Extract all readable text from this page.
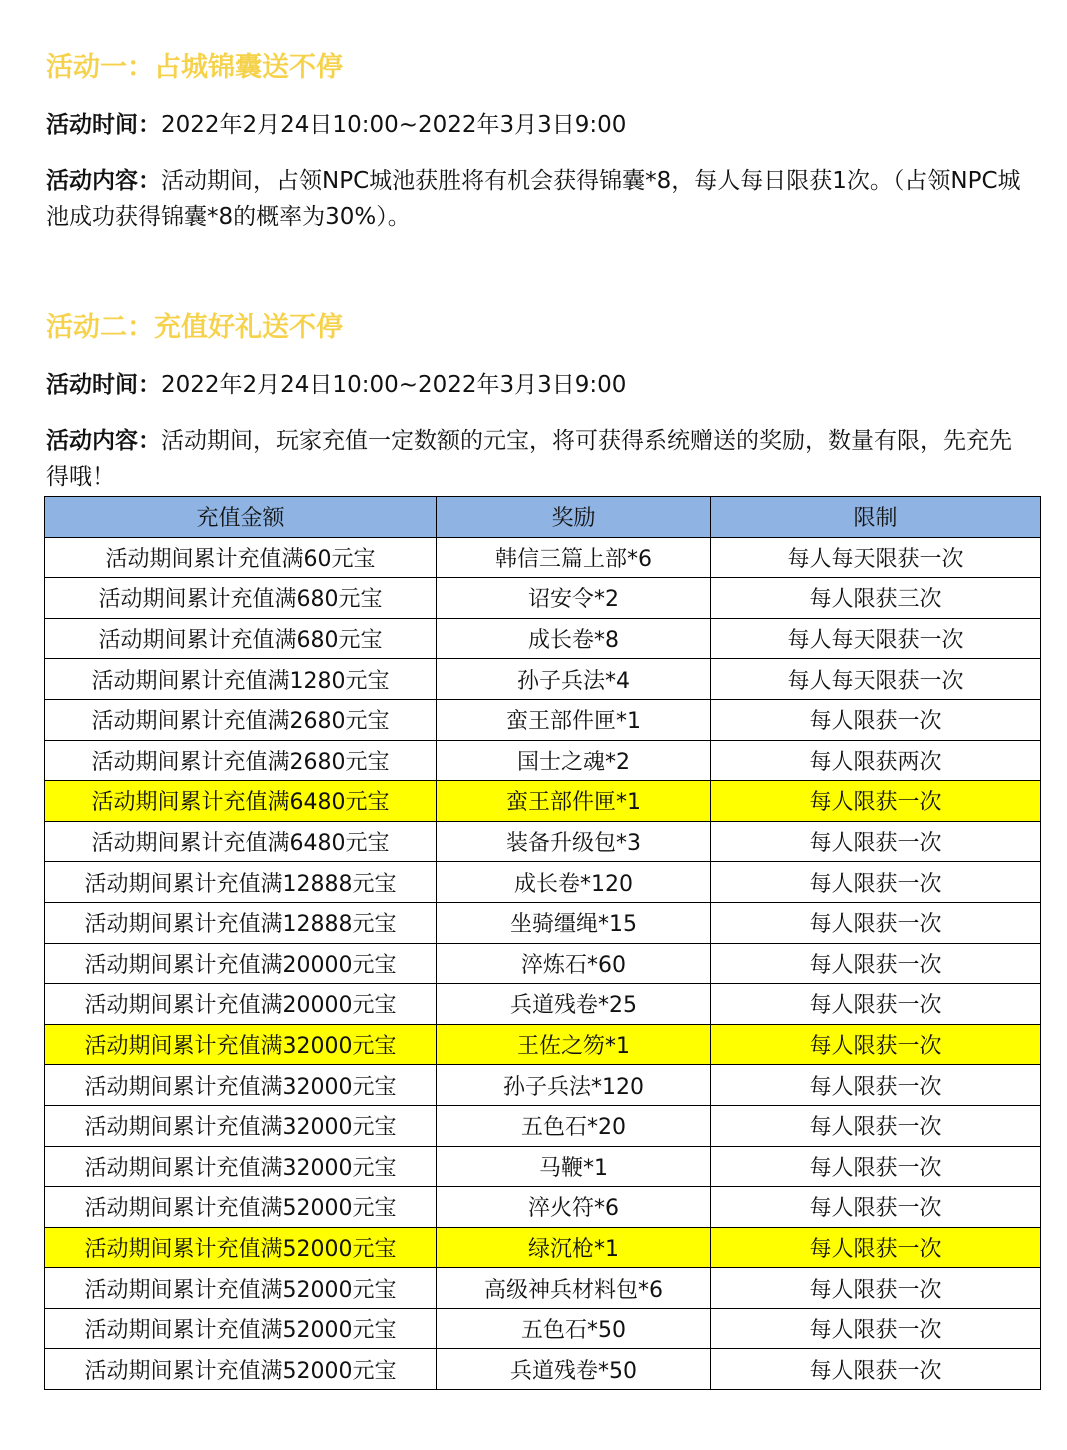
活动一：占城锦囊送不停
活动时间：2022年2月24日10:00~2022年3月3日9:00
活动内容：活动期间，占领NPC城池获胜将有机会获得锦囊*8，每人每日限获1次。（占领NPC城池成功获得锦囊*8的概率为30%）。
活动二：充值好礼送不停
活动时间：2022年2月24日10:00~2022年3月3日9:00
活动内容：活动期间，玩家充值一定数额的元宝，将可获得系统赠送的奖励，数量有限，先充先得哦！
充值金额	奖励	限制
活动期间累计充值满60元宝	韩信三篇上部*6	每人每天限获一次
活动期间累计充值满680元宝	诏安令*2	每人限获三次
活动期间累计充值满680元宝	成长卷*8	每人每天限获一次
活动期间累计充值满1280元宝	孙子兵法*4	每人每天限获一次
活动期间累计充值满2680元宝	蛮王部件匣*1	每人限获一次
活动期间累计充值满2680元宝	国士之魂*2	每人限获两次
活动期间累计充值满6480元宝	蛮王部件匣*1	每人限获一次
活动期间累计充值满6480元宝	装备升级包*3	每人限获一次
活动期间累计充值满12888元宝	成长卷*120	每人限获一次
活动期间累计充值满12888元宝	坐骑缰绳*15	每人限获一次
活动期间累计充值满20000元宝	淬炼石*60	每人限获一次
活动期间累计充值满20000元宝	兵道残卷*25	每人限获一次
活动期间累计充值满32000元宝	王佐之笏*1	每人限获一次
活动期间累计充值满32000元宝	孙子兵法*120	每人限获一次
活动期间累计充值满32000元宝	五色石*20	每人限获一次
活动期间累计充值满32000元宝	马鞭*1	每人限获一次
活动期间累计充值满52000元宝	淬火符*6	每人限获一次
活动期间累计充值满52000元宝	绿沉枪*1	每人限获一次
活动期间累计充值满52000元宝	高级神兵材料包*6	每人限获一次
活动期间累计充值满52000元宝	五色石*50	每人限获一次
活动期间累计充值满52000元宝	兵道残卷*50	每人限获一次
